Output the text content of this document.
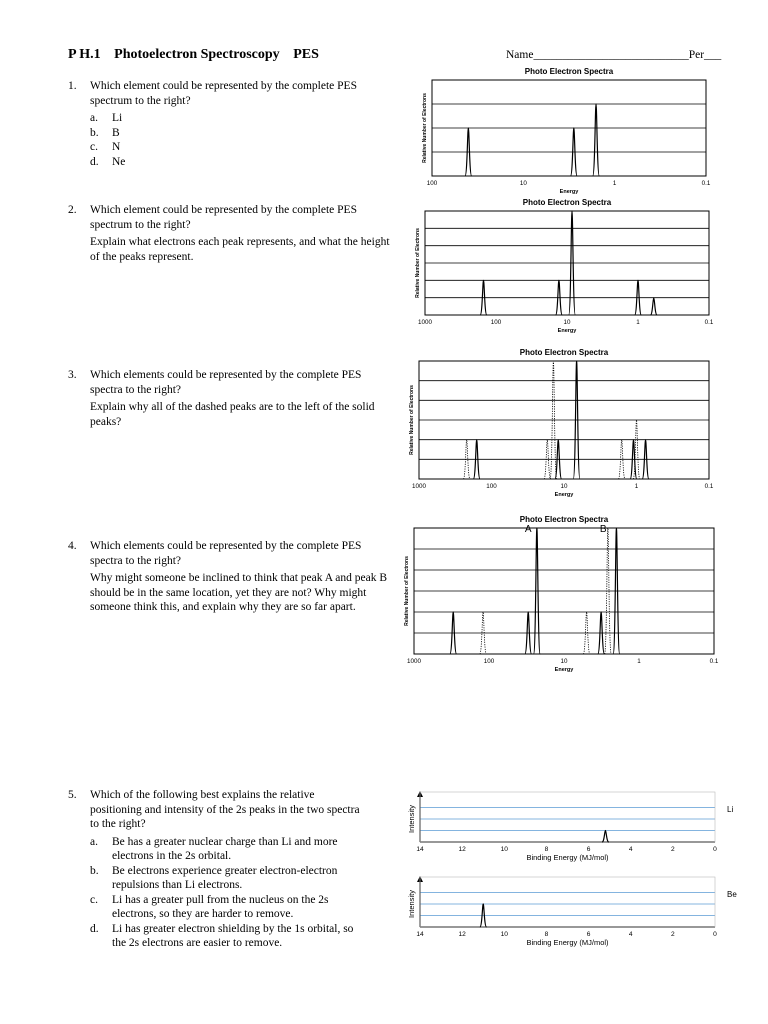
P H.1 Photoelectron Spectroscopy PES	Name___________________________Per___
1. Which element could be represented by the complete PES spectrum to the right?

a.	Li
b.	B
c.	N
d.	Ne
2. Which element could be represented by the complete PES spectrum to the right?

Explain what electrons each peak represents, and what the height of the peaks represent.

3. Which elements could be represented by the complete PES spectra to the right?

Explain why all of the dashed peaks are to the left of the solid peaks?

4. Which elements could be represented by the complete PES spectra to the right?

Why might someone be inclined to think that peak A and peak B should be in the same location, yet they are not? Why might someone think this, and explain why they are so far apart.

5. Which of the following best explains the relative positioning and intensity of the 2s peaks in the two spectra to the right?

a.	Be has a greater nuclear charge than Li and more electrons in the 2s orbital.
b.	Be electrons experience greater electron-electron repulsions than Li electrons.
c.	Li has a greater pull from the nucleus on the 2s electrons, so they are harder to remove.
d.	Li has greater electron shielding by the 1s orbital, so the 2s electrons are easier to remove.
Photo Electron Spectra
100	10	1	0.1
Energy
Relative Number of Electrons
Photo Electron Spectra
1000	100	10	1	0.1
Energy
Relative Number of Electrons
Photo Electron Spectra
1000	100	10	1	0.1
Energy
Relative Number of Electrons
Photo Electron Spectra
1000	100	10	1	0.1
Energy
Relative Number of Electrons
A	B
14	12	10	8	6	4	2	0
Binding Energy (MJ/mol)
Intensity	Li
14	12	10	8	6	4	2	0
Binding Energy (MJ/mol)
Intensity	Be
